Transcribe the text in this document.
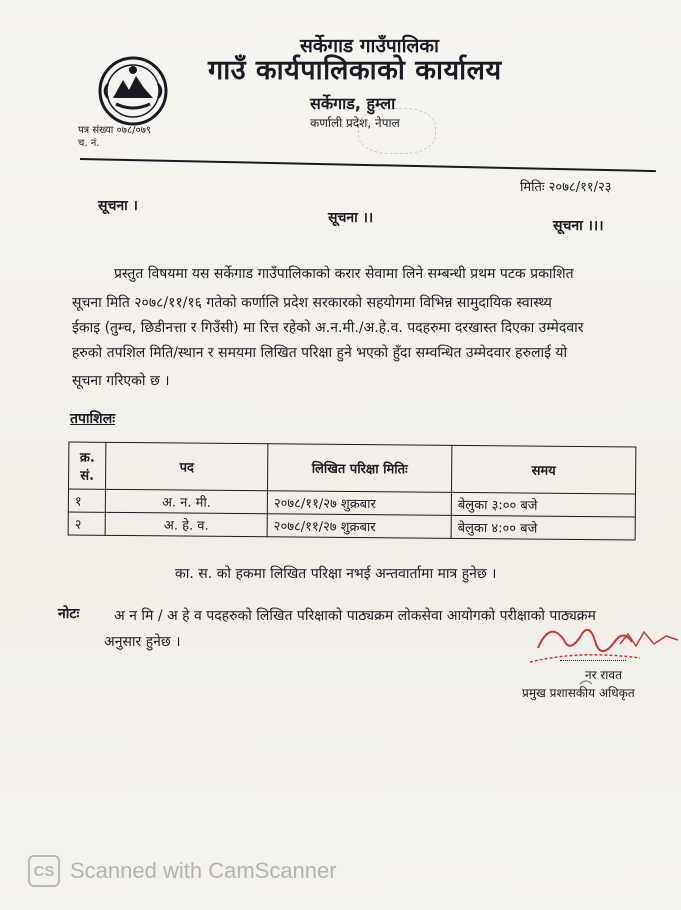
सर्केगाड गाउँपालिका
गाउँ कार्यपालिकाको कार्यालय
सर्केगाड, हुम्ला
कर्णाली प्रदेश, नेपाल
पत्र संख्या ०७८/०७९
च. नं.
मितिः २०७८/११/२३
सूचना ।
सूचना ।।	सूचना ।।।
प्रस्तुत विषयमा यस सर्केगाड गाउँपालिकाको करार सेवामा लिने सम्बन्धी प्रथम पटक प्रकाशित
सूचना मिति २०७८/११/१६ गतेको कर्णालि प्रदेश सरकारको सहयोगमा विभिन्न सामुदायिक स्वास्थ्य
ईकाइ (तुम्च, छिडीनत्ता र गिउँसी) मा रित्त रहेको अ.न.मी./अ.हे.व. पदहरुमा दरखास्त दिएका उम्मेदवार
हरुको तपशिल मिति/स्थान र समयमा लिखित परिक्षा हुने भएको हुँदा सम्वन्धित उम्मेदवार हरुलाई यो
सूचना गरिएको छ ।
तपाशिलः
क्र. सं.	पद	लिखित परिक्षा मितिः	समय
१	अ. न. मी.	२०७८/११/२७ शुक्रबार	बेलुका ३:०० बजे
२	अ. हे. व.	२०७८/११/२७ शुक्रबार	बेलुका ४:०० बजे
का. स. को हकमा लिखित परिक्षा नभई अन्तवार्तामा मात्र हुनेछ ।
नोटः अ न मि / अ हे व पदहरुको लिखित परिक्षाको पाठ्यक्रम लोकसेवा आयोगको परीक्षाको पाठ्यक्रम
अनुसार हुनेछ ।
नर रावत
प्रमुख प्रशासकीय अधिकृत
CS Scanned with CamScanner
